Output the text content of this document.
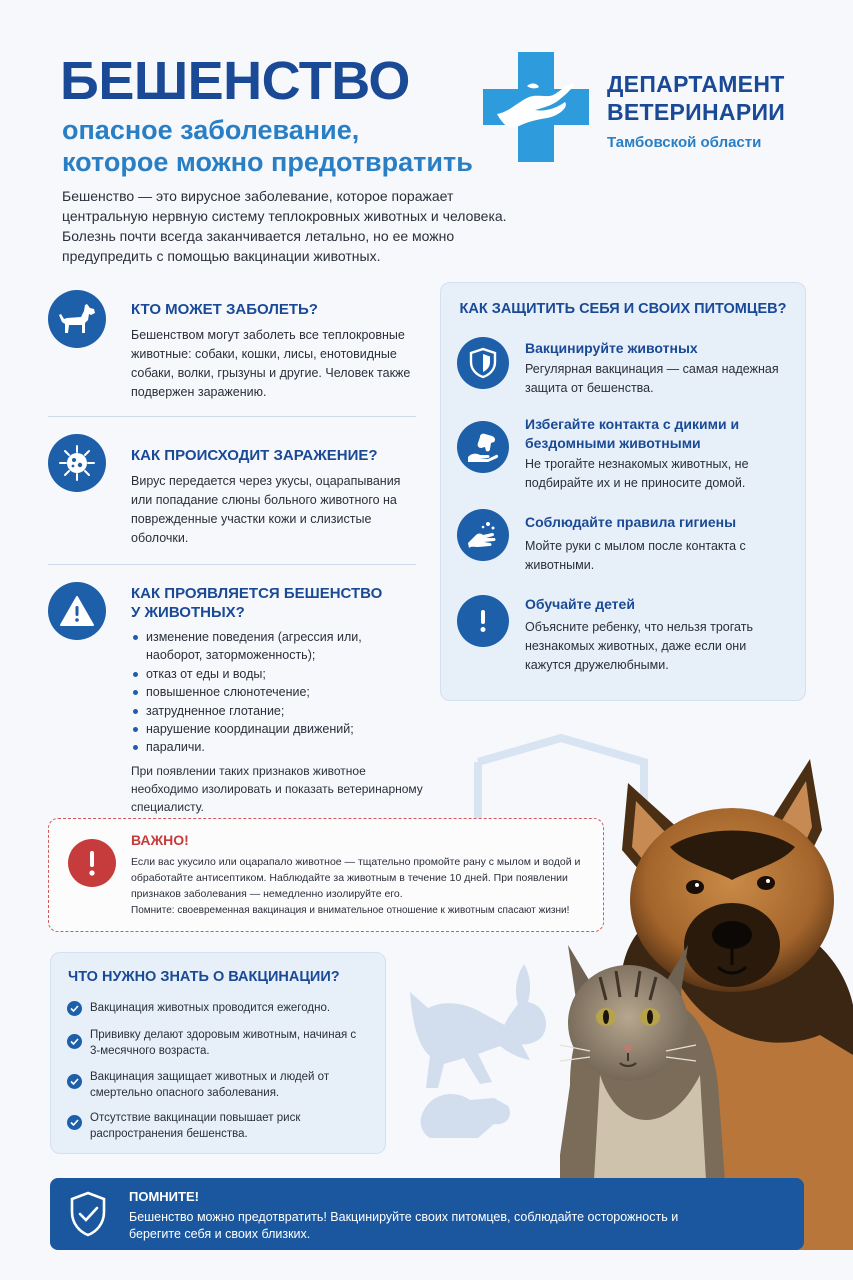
БЕШЕНСТВО
опасное заболевание,
которое можно предотвратить
Бешенство — это вирусное заболевание, которое поражает центральную нервную систему теплокровных животных и человека. Болезнь почти всегда заканчивается летально, но ее можно предупредить с помощью вакцинации животных.
ДЕПАРТАМЕНТ
ВЕТЕРИНАРИИ
Тамбовской области
КТО МОЖЕТ ЗАБОЛЕТЬ?
Бешенством могут заболеть все теплокровные животные: собаки, кошки, лисы, енотовидные собаки, волки, грызуны и другие. Человек также подвержен заражению.
КАК ПРОИСХОДИТ ЗАРАЖЕНИЕ?
Вирус передается через укусы, оцарапывания или попадание слюны больного животного на поврежденные участки кожи и слизистые оболочки.
КАК ПРОЯВЛЯЕТСЯ БЕШЕНСТВО
У ЖИВОТНЫХ?
изменение поведения (агрессия или, наоборот, заторможенность);
отказ от еды и воды;
повышенное слюнотечение;
затрудненное глотание;
нарушение координации движений;
параличи.
При появлении таких признаков животное необходимо изолировать и показать ветеринарному специалисту.
КАК ЗАЩИТИТЬ СЕБЯ И СВОИХ ПИТОМЦЕВ?
Вакцинируйте животных
Регулярная вакцинация — самая надежная защита от бешенства.
Избегайте контакта с дикими и бездомными животными
Не трогайте незнакомых животных, не подбирайте их и не приносите домой.
Соблюдайте правила гигиены
Мойте руки с мылом после контакта с животными.
Обучайте детей
Объясните ребенку, что нельзя трогать незнакомых животных, даже если они кажутся дружелюбными.
ВАЖНО!
Если вас укусило или оцарапало животное — тщательно промойте рану с мылом и водой и обработайте антисептиком. Наблюдайте за животным в течение 10 дней. При появлении признаков заболевания — немедленно изолируйте его.
Помните: своевременная вакцинация и внимательное отношение к животным спасают жизни!
ЧТО НУЖНО ЗНАТЬ О ВАКЦИНАЦИИ?
Вакцинация животных проводится ежегодно.
Прививку делают здоровым животным, начиная с 3-месячного возраста.
Вакцинация защищает животных и людей от смертельно опасного заболевания.
Отсутствие вакцинации повышает риск распространения бешенства.
ПОМНИТЕ!
Бешенство можно предотвратить! Вакцинируйте своих питомцев, соблюдайте осторожность и берегите себя и своих близких.
